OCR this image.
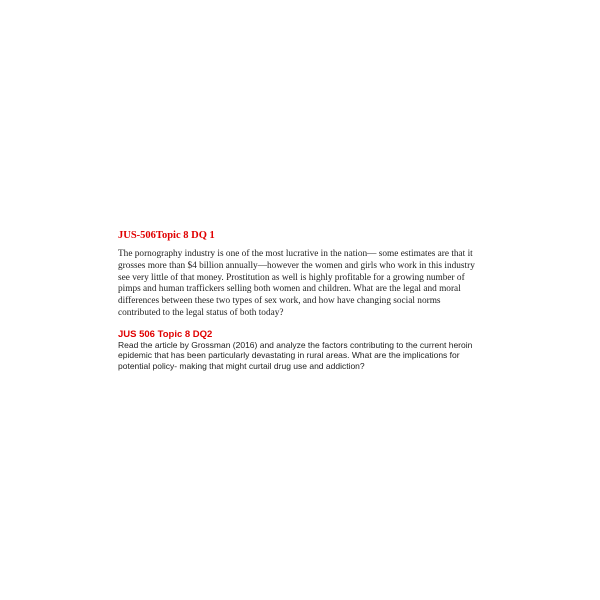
JUS-506Topic 8 DQ 1
The pornography industry is one of the most lucrative in the nation— some estimates are that it grosses more than $4 billion annually—however the women and girls who work in this industry see very little of that money. Prostitution as well is highly profitable for a growing number of pimps and human traffickers selling both women and children. What are the legal and moral differences between these two types of sex work, and how have changing social norms contributed to the legal status of both today?
JUS 506 Topic 8 DQ2
Read the article by Grossman (2016) and analyze the factors contributing to the current heroin epidemic that has been particularly devastating in rural areas. What are the implications for potential policy- making that might curtail drug use and addiction?
